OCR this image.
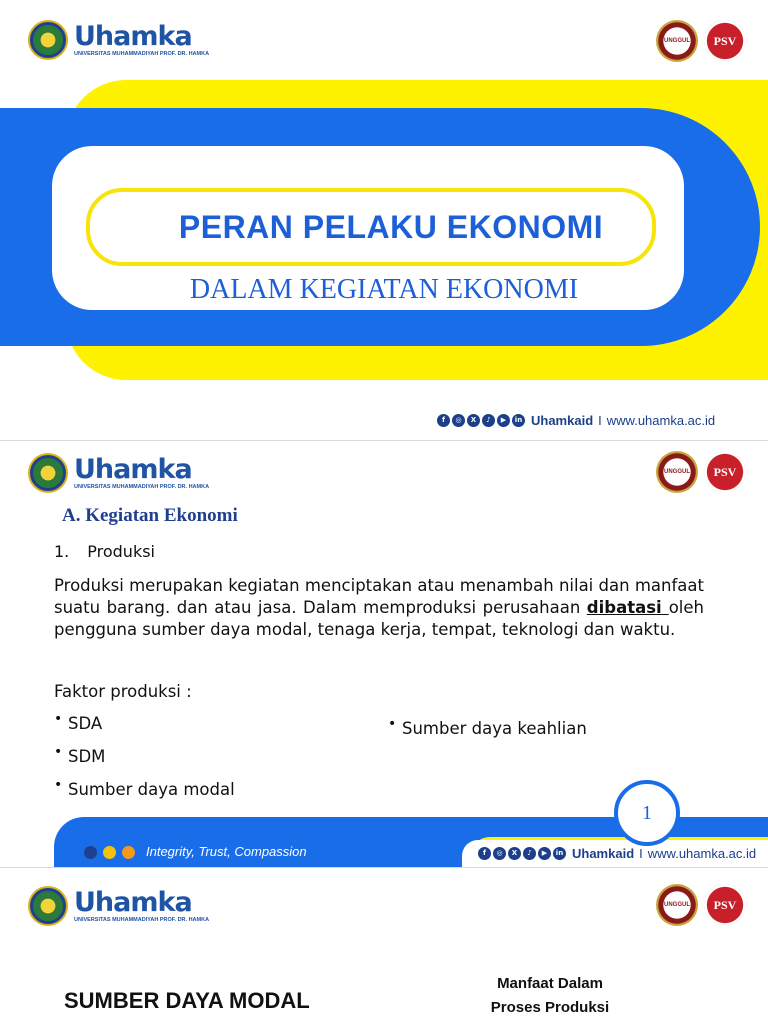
Uhamka
UNIVERSITAS MUHAMMADIYAH PROF. DR. HAMKA
UNGGUL PSV
PERAN PELAKU EKONOMI
DALAM KEGIATAN EKONOMI
f	◎	X	♪	▶	in Uhamkaid I www.uhamka.ac.id
Uhamka
UNIVERSITAS MUHAMMADIYAH PROF. DR. HAMKA
UNGGUL PSV
A. Kegiatan Ekonomi
1. Produksi
Produksi merupakan kegiatan menciptakan atau menambah nilai dan manfaat suatu barang. dan atau jasa. Dalam memproduksi perusahaan dibatasi oleh pengguna sumber daya modal, tenaga kerja, tempat, teknologi dan waktu.
Faktor produksi :
• SDA
• SDM
• Sumber daya modal
• Sumber daya keahlian
1
Integrity, Trust, Compassion	f	◎	X	♪	▶	in Uhamkaid I www.uhamka.ac.id
Uhamka
UNIVERSITAS MUHAMMADIYAH PROF. DR. HAMKA
UNGGUL PSV
SUMBER DAYA MODAL
Manfaat Dalam
Proses Produksi
